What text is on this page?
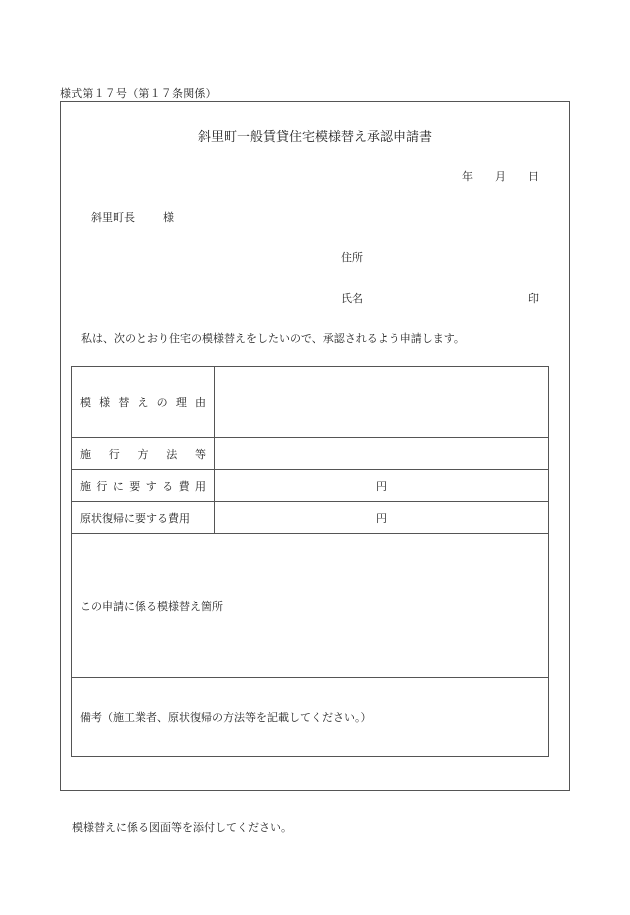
様式第１７号（第１７条関係）
斜里町一般賃貸住宅模様替え承認申請書
年 月 日
斜里町長	様
住所
氏名	印
私は、次のとおり住宅の模様替えをしたいので、承認されるよう申請します。
模様替えの理由	
施行方法等	
施行に要する費用	円
原状復帰に要する費用	円
この申請に係る模様替え箇所	
備考（施工業者、原状復帰の方法等を記載してください。）	
模様替えに係る図面等を添付してください。
